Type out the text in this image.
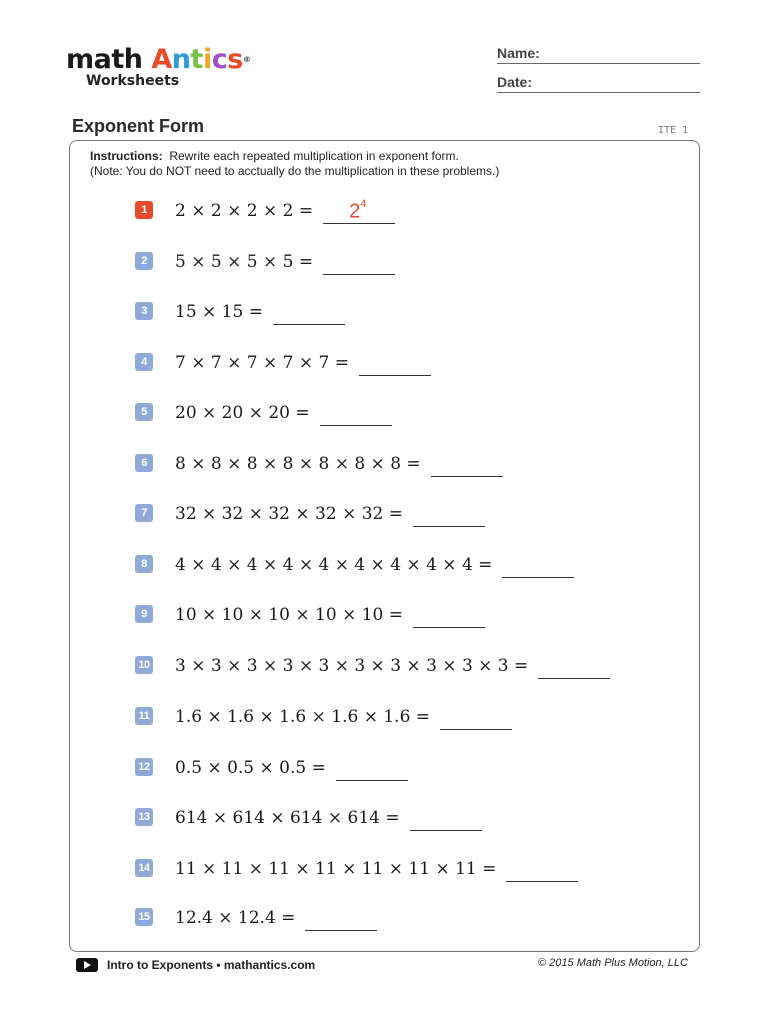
math Antics®
Worksheets
Name:
Date:
Exponent Form	ITE 1
Instructions: Rewrite each repeated multiplication in exponent form.
(Note: You do NOT need to acctually do the multiplication in these problems.)
1	$2 \times 2 \times 2 \times 2 = 2^4$
2	5 × 5 × 5 × 5 =
3	15 × 15 =
4	7 × 7 × 7 × 7 × 7 =
5	20 × 20 × 20 =
6	8 × 8 × 8 × 8 × 8 × 8 × 8 =
7	32 × 32 × 32 × 32 × 32 =
8	4 × 4 × 4 × 4 × 4 × 4 × 4 × 4 × 4 =
9	10 × 10 × 10 × 10 × 10 =
10 3 × 3 × 3 × 3 × 3 × 3 × 3 × 3 × 3 × 3 =
11 1.6 × 1.6 × 1.6 × 1.6 × 1.6 =
12 0.5 × 0.5 × 0.5 =
13 614 × 614 × 614 × 614 =
14 11 × 11 × 11 × 11 × 11 × 11 × 11 =
15 12.4 × 12.4 =
Intro to Exponents • mathantics.com	© 2015 Math Plus Motion, LLC
